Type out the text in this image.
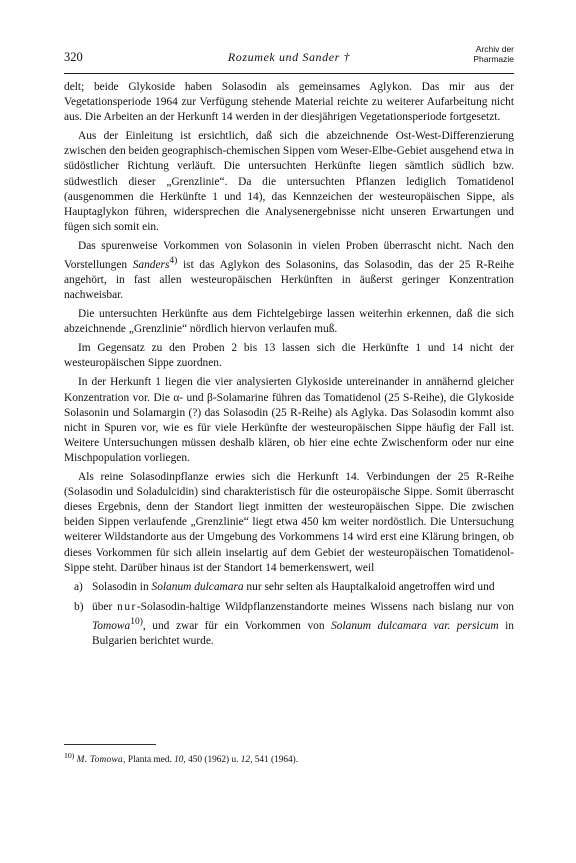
320	Rozumek und Sander †
Archiv der
Pharmazie

delt; beide Glykoside haben Solasodin als gemeinsames Aglykon. Das mir aus der Vegetationsperiode 1964 zur Verfügung stehende Material reichte zu weiterer Aufarbeitung nicht aus. Die Arbeiten an der Herkunft 14 werden in der diesjährigen Vegetationsperiode fortgesetzt.

Aus der Einleitung ist ersichtlich, daß sich die abzeichnende Ost-West-Differenzierung zwischen den beiden geographisch-chemischen Sippen vom Weser-Elbe-Gebiet ausgehend etwa in südöstlicher Richtung verläuft. Die untersuchten Herkünfte liegen sämtlich südlich bzw. südwestlich dieser „Grenzlinie“. Da die untersuchten Pflanzen lediglich Tomatidenol (ausgenommen die Herkünfte 1 und 14), das Kennzeichen der westeuropäischen Sippe, als Hauptaglykon führen, widersprechen die Analysenergebnisse nicht unseren Erwartungen und fügen sich somit ein.

Das spurenweise Vorkommen von Solasonin in vielen Proben überrascht nicht. Nach den Vorstellungen Sanders$^{4)}$ ist das Aglykon des Solasonins, das Solasodin, das der 25 R-Reihe angehört, in fast allen westeuropäischen Herkünften in äußerst geringer Konzentration nachweisbar.

Die untersuchten Herkünfte aus dem Fichtelgebirge lassen weiterhin erkennen, daß die sich abzeichnende „Grenzlinie“ nördlich hiervon verlaufen muß.

Im Gegensatz zu den Proben 2 bis 13 lassen sich die Herkünfte 1 und 14 nicht der westeuropäischen Sippe zuordnen.

In der Herkunft 1 liegen die vier analysierten Glykoside untereinander in annähernd gleicher Konzentration vor. Die α- und β-Solamarine führen das Tomatidenol (25 S-Reihe), die Glykoside Solasonin und Solamargin (?) das Solasodin (25 R-Reihe) als Aglyka. Das Solasodin kommt also nicht in Spuren vor, wie es für viele Herkünfte der westeuropäischen Sippe häufig der Fall ist. Weitere Untersuchungen müssen deshalb klären, ob hier eine echte Zwischenform oder nur eine Mischpopulation vorliegen.

Als reine Solasodinpflanze erwies sich die Herkunft 14. Verbindungen der 25 R-Reihe (Solasodin und Soladulcidin) sind charakteristisch für die osteuropäische Sippe. Somit überrascht dieses Ergebnis, denn der Standort liegt inmitten der westeuropäischen Sippe. Die zwischen beiden Sippen verlaufende „Grenzlinie“ liegt etwa 450 km weiter nordöstlich. Die Untersuchung weiterer Wildstandorte aus der Umgebung des Vorkommens 14 wird erst eine Klärung bringen, ob dieses Vorkommen für sich allein inselartig auf dem Gebiet der westeuropäischen Tomatidenol-Sippe steht. Darüber hinaus ist der Standort 14 bemerkenswert, weil

a) Solasodin in Solanum dulcamara nur sehr selten als Hauptalkaloid angetroffen wird und
b) über nur-Solasodin-haltige Wildpflanzenstandorte meines Wissens nach bislang nur von Tomowa$^{10)}$, und zwar für ein Vorkommen von Solanum dulcamara var. persicum in Bulgarien berichtet wurde.
$^{10)}$ M. Tomowa, Planta med. 10, 450 (1962) u. 12, 541 (1964).
